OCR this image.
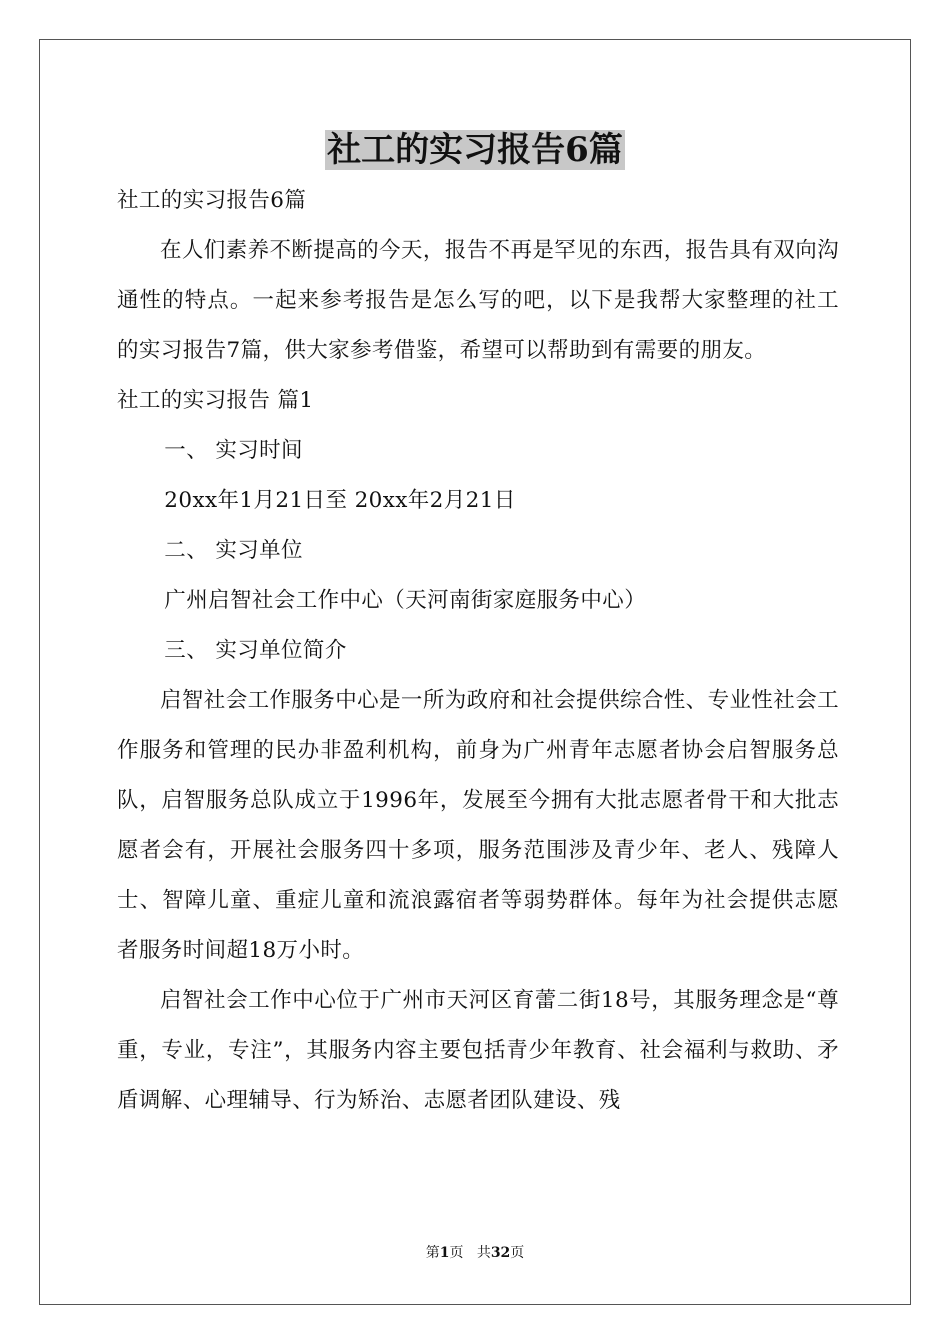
社工的实习报告6篇

社工的实习报告6篇

在人们素养不断提高的今天，报告不再是罕见的东西，报告具有双向沟通性的特点。一起来参考报告是怎么写的吧，以下是我帮大家整理的社工的实习报告7篇，供大家参考借鉴，希望可以帮助到有需要的朋友。

社工的实习报告 篇1

一、 实习时间

20xx年1月21日至 20xx年2月21日

二、 实习单位

广州启智社会工作中心（天河南街家庭服务中心）

三、 实习单位简介

启智社会工作服务中心是一所为政府和社会提供综合性、专业性社会工作服务和管理的民办非盈利机构，前身为广州青年志愿者协会启智服务总队，启智服务总队成立于1996年，发展至今拥有大批志愿者骨干和大批志愿者会有，开展社会服务四十多项，服务范围涉及青少年、老人、残障人士、智障儿童、重症儿童和流浪露宿者等弱势群体。每年为社会提供志愿者服务时间超18万小时。

启智社会工作中心位于广州市天河区育蕾二街18号，其服务理念是“尊重，专业，专注”，其服务内容主要包括青少年教育、社会福利与救助、矛盾调解、心理辅导、行为矫治、志愿者团队建设、残

第1页 共32页
